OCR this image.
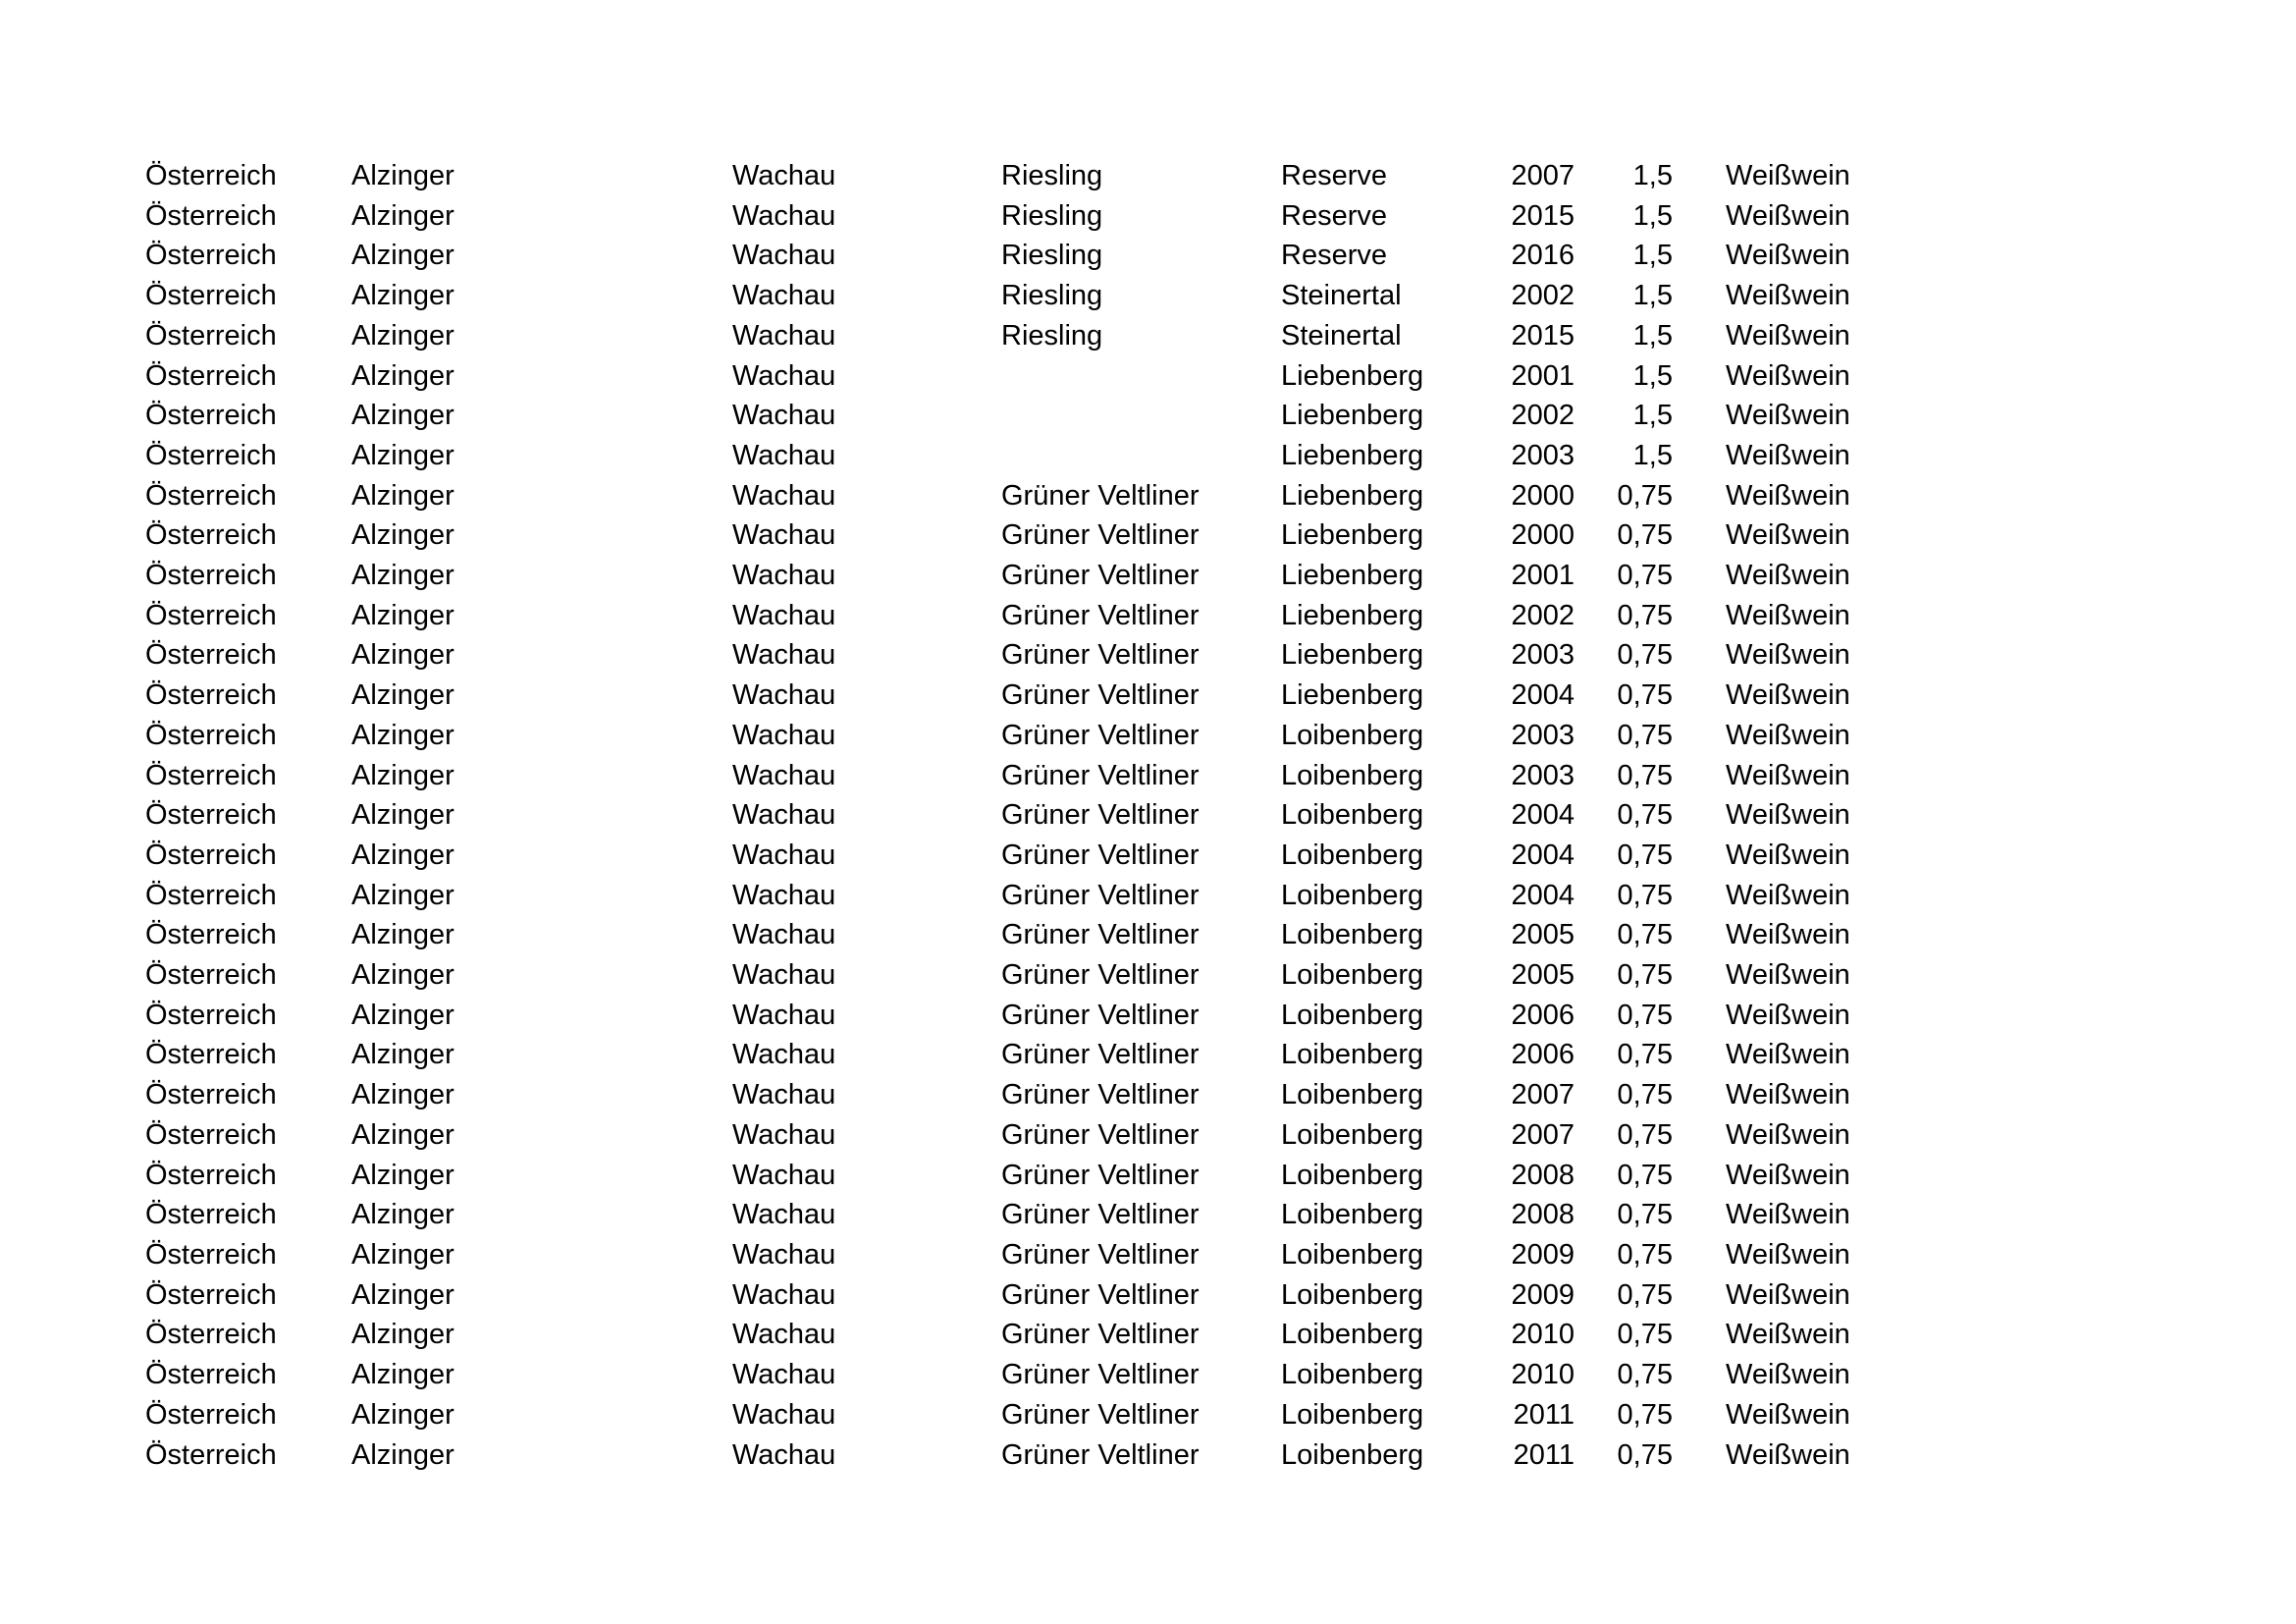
Österreich	Alzinger	Wachau	Riesling	Reserve	2007	1,5		Weißwein
Österreich	Alzinger	Wachau	Riesling	Reserve	2015	1,5		Weißwein
Österreich	Alzinger	Wachau	Riesling	Reserve	2016	1,5		Weißwein
Österreich	Alzinger	Wachau	Riesling	Steinertal	2002	1,5		Weißwein
Österreich	Alzinger	Wachau	Riesling	Steinertal	2015	1,5		Weißwein
Österreich	Alzinger	Wachau		Liebenberg	2001	1,5		Weißwein
Österreich	Alzinger	Wachau		Liebenberg	2002	1,5		Weißwein
Österreich	Alzinger	Wachau		Liebenberg	2003	1,5		Weißwein
Österreich	Alzinger	Wachau	Grüner Veltliner	Liebenberg	2000	0,75		Weißwein
Österreich	Alzinger	Wachau	Grüner Veltliner	Liebenberg	2000	0,75		Weißwein
Österreich	Alzinger	Wachau	Grüner Veltliner	Liebenberg	2001	0,75		Weißwein
Österreich	Alzinger	Wachau	Grüner Veltliner	Liebenberg	2002	0,75		Weißwein
Österreich	Alzinger	Wachau	Grüner Veltliner	Liebenberg	2003	0,75		Weißwein
Österreich	Alzinger	Wachau	Grüner Veltliner	Liebenberg	2004	0,75		Weißwein
Österreich	Alzinger	Wachau	Grüner Veltliner	Loibenberg	2003	0,75		Weißwein
Österreich	Alzinger	Wachau	Grüner Veltliner	Loibenberg	2003	0,75		Weißwein
Österreich	Alzinger	Wachau	Grüner Veltliner	Loibenberg	2004	0,75		Weißwein
Österreich	Alzinger	Wachau	Grüner Veltliner	Loibenberg	2004	0,75		Weißwein
Österreich	Alzinger	Wachau	Grüner Veltliner	Loibenberg	2004	0,75		Weißwein
Österreich	Alzinger	Wachau	Grüner Veltliner	Loibenberg	2005	0,75		Weißwein
Österreich	Alzinger	Wachau	Grüner Veltliner	Loibenberg	2005	0,75		Weißwein
Österreich	Alzinger	Wachau	Grüner Veltliner	Loibenberg	2006	0,75		Weißwein
Österreich	Alzinger	Wachau	Grüner Veltliner	Loibenberg	2006	0,75		Weißwein
Österreich	Alzinger	Wachau	Grüner Veltliner	Loibenberg	2007	0,75		Weißwein
Österreich	Alzinger	Wachau	Grüner Veltliner	Loibenberg	2007	0,75		Weißwein
Österreich	Alzinger	Wachau	Grüner Veltliner	Loibenberg	2008	0,75		Weißwein
Österreich	Alzinger	Wachau	Grüner Veltliner	Loibenberg	2008	0,75		Weißwein
Österreich	Alzinger	Wachau	Grüner Veltliner	Loibenberg	2009	0,75		Weißwein
Österreich	Alzinger	Wachau	Grüner Veltliner	Loibenberg	2009	0,75		Weißwein
Österreich	Alzinger	Wachau	Grüner Veltliner	Loibenberg	2010	0,75		Weißwein
Österreich	Alzinger	Wachau	Grüner Veltliner	Loibenberg	2010	0,75		Weißwein
Österreich	Alzinger	Wachau	Grüner Veltliner	Loibenberg	2011	0,75		Weißwein
Österreich	Alzinger	Wachau	Grüner Veltliner	Loibenberg	2011	0,75		Weißwein
